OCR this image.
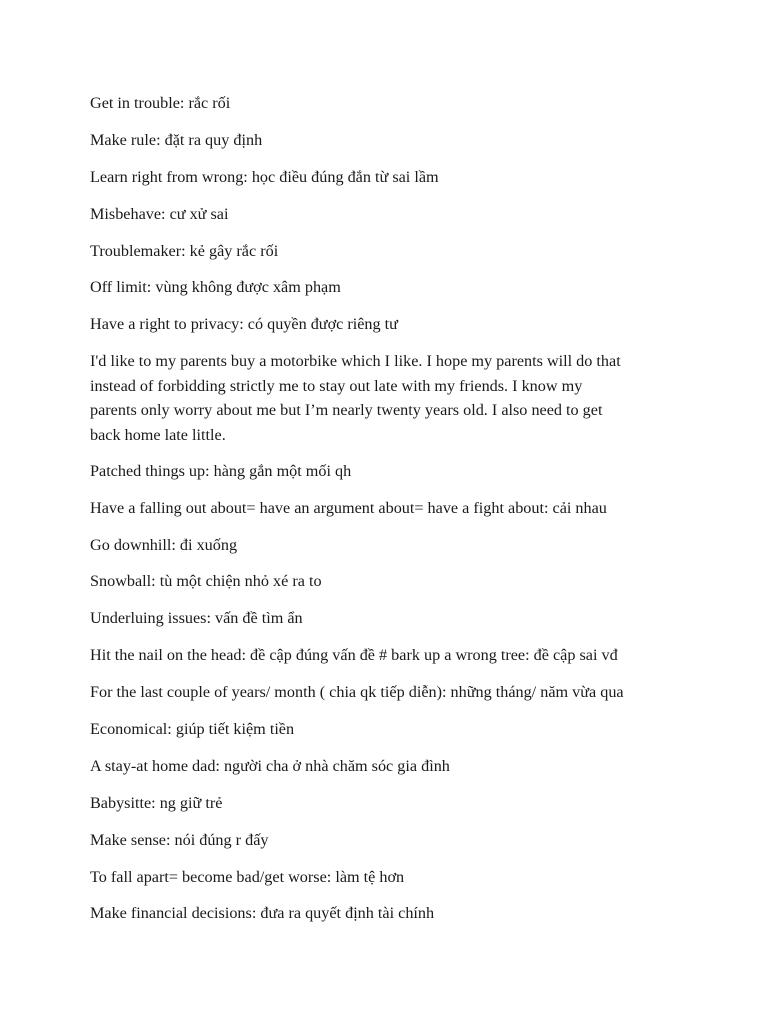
Get in trouble: rắc rối
Make rule: đặt ra quy định
Learn right from wrong: học điều đúng đắn từ sai lầm
Misbehave: cư xử sai
Troublemaker: kẻ gây rắc rối
Off limit: vùng không được xâm phạm
Have a right to privacy: có quyền được riêng tư
I'd like to my parents buy a motorbike which I like. I hope my parents will do that
instead of forbidding strictly me to stay out late with my friends. I know my
parents only worry about me but I’m nearly twenty years old. I also need to get
back home late little.
Patched things up: hàng gắn một mối qh
Have a falling out about= have an argument about= have a fight about: cải nhau
Go downhill: đi xuống
Snowball: tù một chiện nhỏ xé ra to
Underluing issues: vấn đề tìm ẩn
Hit the nail on the head: đề cập đúng vấn đề # bark up a wrong tree: đề cập sai vđ
For the last couple of years/ month ( chia qk tiếp diễn): những tháng/ năm vừa qua
Economical: giúp tiết kiệm tiền
A stay-at home dad: người cha ở nhà chăm sóc gia đình
Babysitte: ng giữ trẻ
Make sense: nói đúng r đấy
To fall apart= become bad/get worse: làm tệ hơn
Make financial decisions: đưa ra quyết định tài chính
